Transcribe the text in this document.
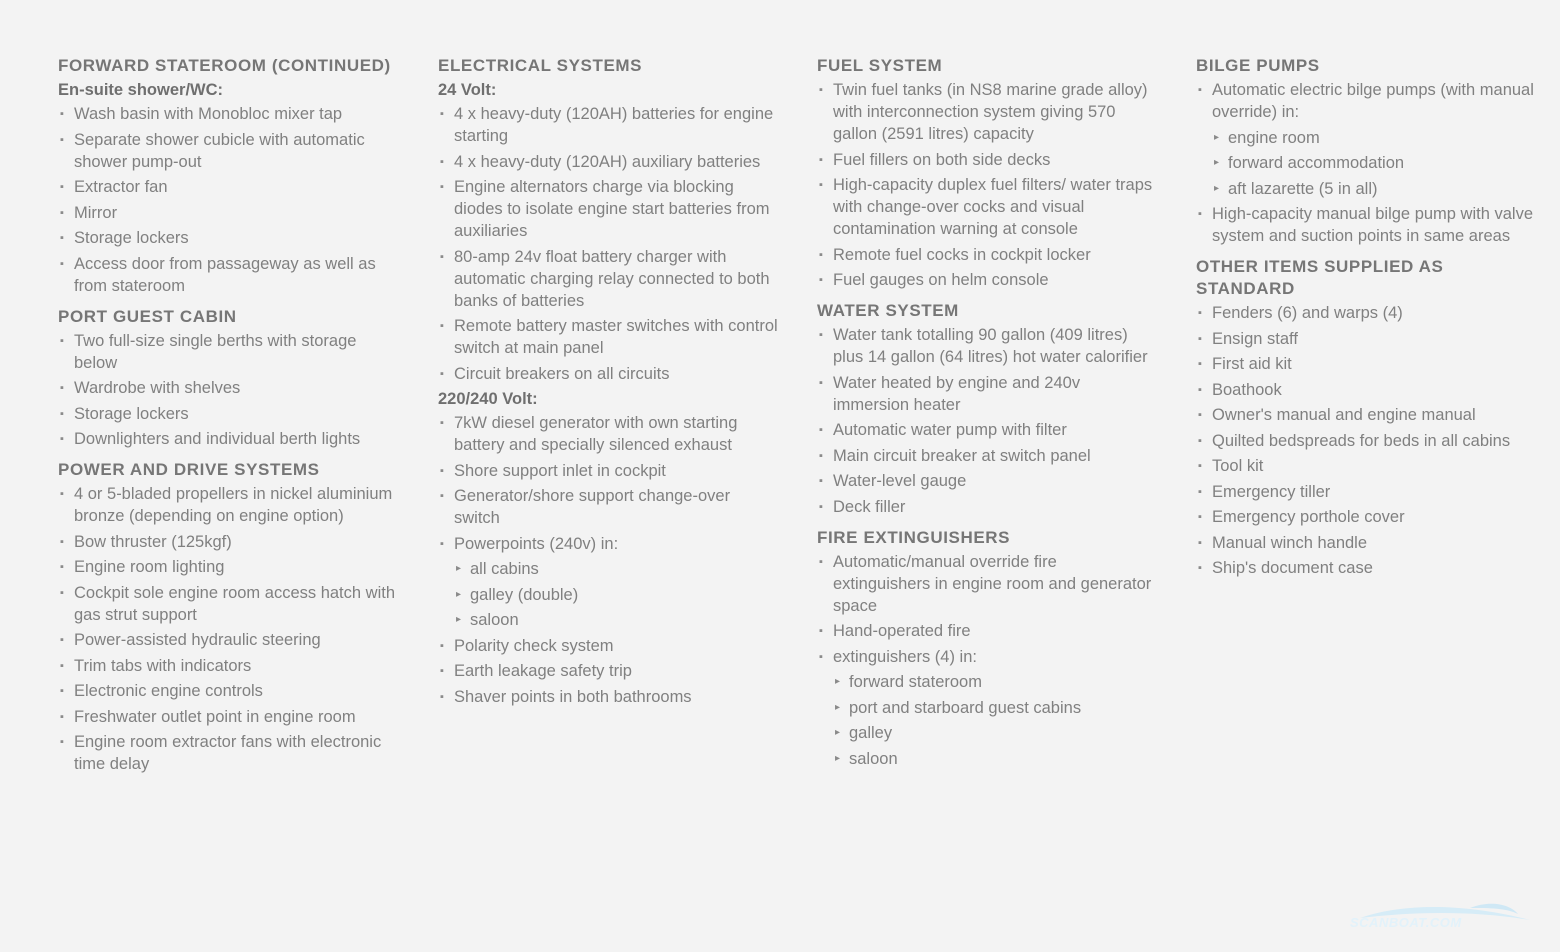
FORWARD STATEROOM (CONTINUED)
En-suite shower/WC:
▪ Wash basin with Monobloc mixer tap
▪ Separate shower cubicle with automatic shower pump-out
▪ Extractor fan
▪ Mirror
▪ Storage lockers
▪ Access door from passageway as well as from stateroom
PORT GUEST CABIN
▪ Two full-size single berths with storage below
▪ Wardrobe with shelves
▪ Storage lockers
▪ Downlighters and individual berth lights
POWER AND DRIVE SYSTEMS
▪ 4 or 5-bladed propellers in nickel aluminium bronze (depending on engine option)
▪ Bow thruster (125kgf)
▪ Engine room lighting
▪ Cockpit sole engine room access hatch with gas strut support
▪ Power-assisted hydraulic steering
▪ Trim tabs with indicators
▪ Electronic engine controls
▪ Freshwater outlet point in engine room
▪ Engine room extractor fans with electronic time delay
ELECTRICAL SYSTEMS
24 Volt:
▪ 4 x heavy-duty (120AH) batteries for engine starting
▪ 4 x heavy-duty (120AH) auxiliary batteries
▪ Engine alternators charge via blocking diodes to isolate engine start batteries from auxiliaries
▪ 80-amp 24v float battery charger with automatic charging relay connected to both banks of batteries
▪ Remote battery master switches with control switch at main panel
▪ Circuit breakers on all circuits
220/240 Volt:
▪ 7kW diesel generator with own starting battery and specially silenced exhaust
▪ Shore support inlet in cockpit
▪ Generator/shore support change-over switch
▪ Powerpoints (240v) in:
▸ all cabins
▸ galley (double)
▸ saloon
▪ Polarity check system
▪ Earth leakage safety trip
▪ Shaver points in both bathrooms
FUEL SYSTEM
▪ Twin fuel tanks (in NS8 marine grade alloy) with interconnection system giving 570 gallon (2591 litres) capacity
▪ Fuel fillers on both side decks
▪ High-capacity duplex fuel filters/ water traps with change-over cocks and visual contamination warning at console
▪ Remote fuel cocks in cockpit locker
▪ Fuel gauges on helm console
WATER SYSTEM
▪ Water tank totalling 90 gallon (409 litres) plus 14 gallon (64 litres) hot water calorifier
▪ Water heated by engine and 240v immersion heater
▪ Automatic water pump with filter
▪ Main circuit breaker at switch panel
▪ Water-level gauge
▪ Deck filler
FIRE EXTINGUISHERS
▪ Automatic/manual override fire extinguishers in engine room and generator space
▪ Hand-operated fire
▪ extinguishers (4) in:
▸ forward stateroom
▸ port and starboard guest cabins
▸ galley
▸ saloon
BILGE PUMPS
▪ Automatic electric bilge pumps (with manual override) in:
▸ engine room
▸ forward accommodation
▸ aft lazarette (5 in all)
▪ High-capacity manual bilge pump with valve system and suction points in same areas
OTHER ITEMS SUPPLIED AS STANDARD
▪ Fenders (6) and warps (4)
▪ Ensign staff
▪ First aid kit
▪ Boathook
▪ Owner's manual and engine manual
▪ Quilted bedspreads for beds in all cabins
▪ Tool kit
▪ Emergency tiller
▪ Emergency porthole cover
▪ Manual winch handle
▪ Ship's document case
SCANBOAT.COM
